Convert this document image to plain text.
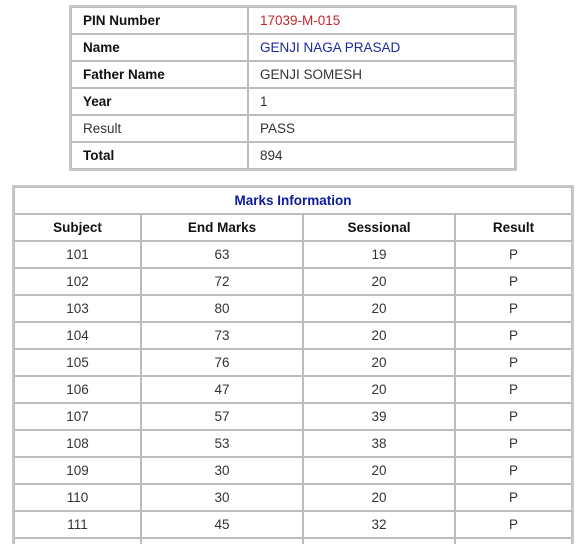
PIN Number	17039-M-015
Name	GENJI NAGA PRASAD
Father Name	GENJI SOMESH
Year	1
Result	PASS
Total	894
Marks Information			
Subject	End Marks	Sessional	Result
101	63	19	P
102	72	20	P
103	80	20	P
104	73	20	P
105	76	20	P
106	47	20	P
107	57	39	P
108	53	38	P
109	30	20	P
110	30	20	P
111	45	32	P
